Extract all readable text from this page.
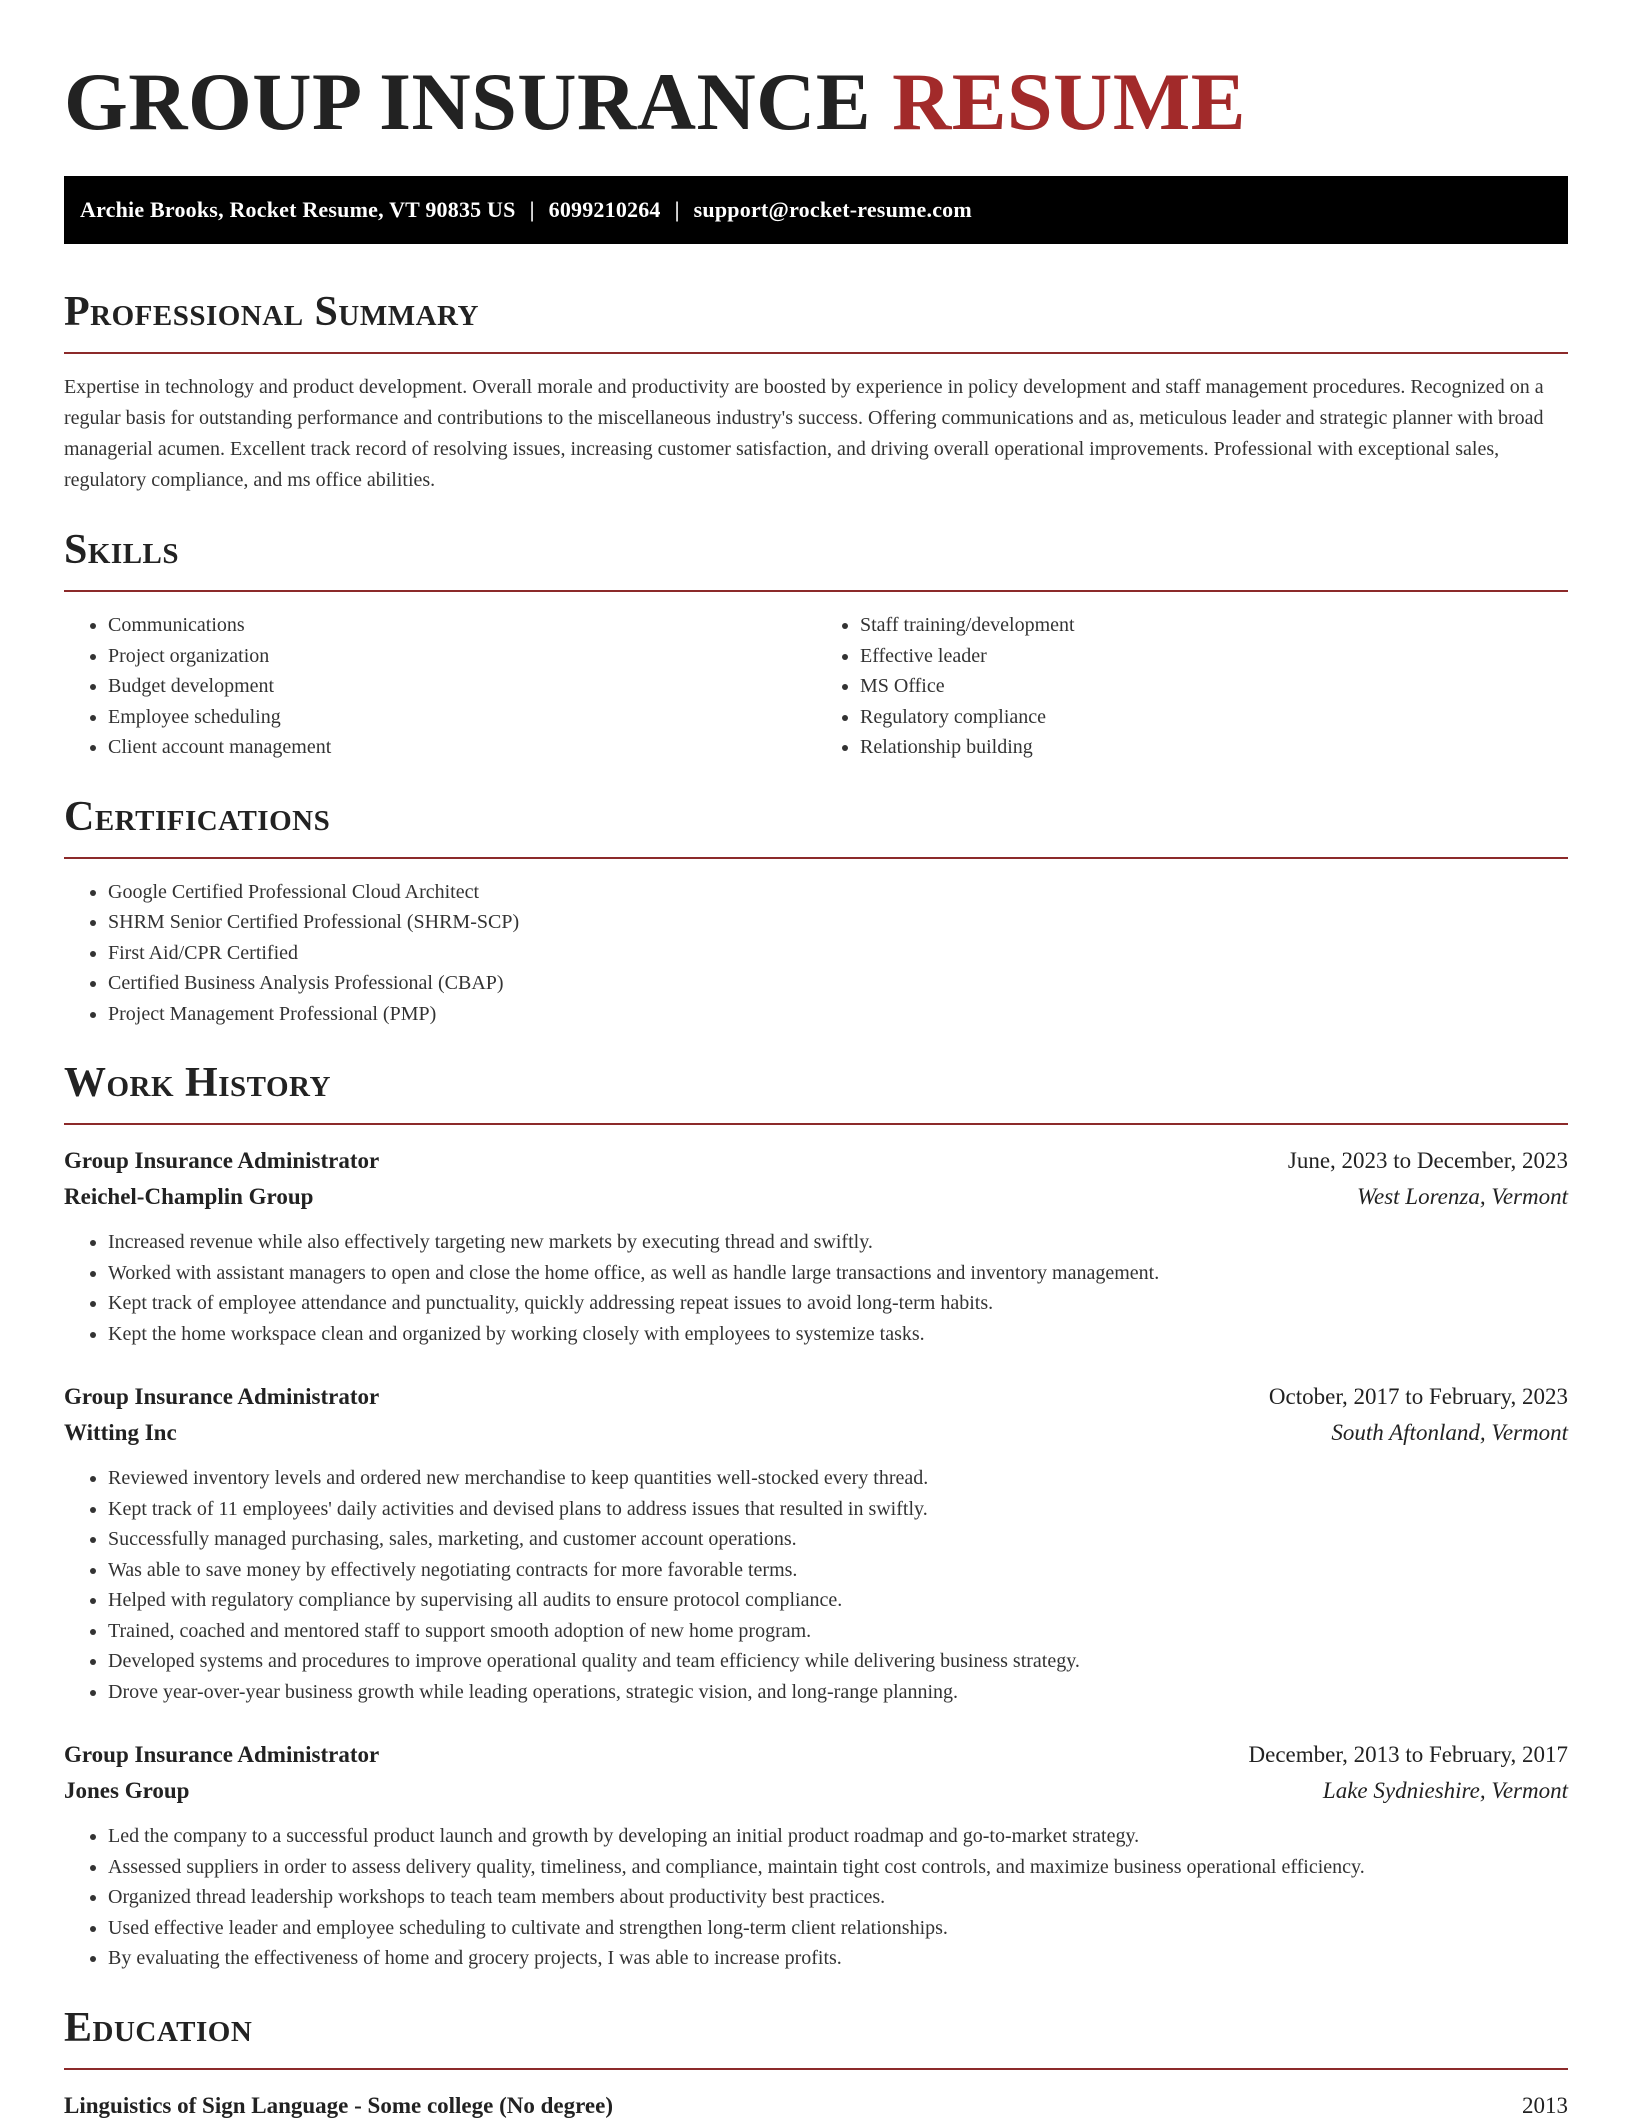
GROUP INSURANCE RESUME
Archie Brooks, Rocket Resume, VT 90835 US | 6099210264 | support@rocket-resume.com
Professional Summary

Expertise in technology and product development. Overall morale and productivity are boosted by experience in policy development and staff management procedures. Recognized on a regular basis for outstanding performance and contributions to the miscellaneous industry's success. Offering communications and as, meticulous leader and strategic planner with broad managerial acumen. Excellent track record of resolving issues, increasing customer satisfaction, and driving overall operational improvements. Professional with exceptional sales, regulatory compliance, and ms office abilities.

Skills
• Communications
• Project organization
• Budget development
• Employee scheduling
• Client account management
• Staff training/development
• Effective leader
• MS Office
• Regulatory compliance
• Relationship building
Certifications
• Google Certified Professional Cloud Architect
• SHRM Senior Certified Professional (SHRM-SCP)
• First Aid/CPR Certified
• Certified Business Analysis Professional (CBAP)
• Project Management Professional (PMP)
Work History
Group Insurance Administrator	June, 2023 to December, 2023
Reichel-Champlin Group	West Lorenza, Vermont
• Increased revenue while also effectively targeting new markets by executing thread and swiftly.
• Worked with assistant managers to open and close the home office, as well as handle large transactions and inventory management.
• Kept track of employee attendance and punctuality, quickly addressing repeat issues to avoid long-term habits.
• Kept the home workspace clean and organized by working closely with employees to systemize tasks.
Group Insurance Administrator	October, 2017 to February, 2023
Witting Inc	South Aftonland, Vermont
• Reviewed inventory levels and ordered new merchandise to keep quantities well-stocked every thread.
• Kept track of 11 employees' daily activities and devised plans to address issues that resulted in swiftly.
• Successfully managed purchasing, sales, marketing, and customer account operations.
• Was able to save money by effectively negotiating contracts for more favorable terms.
• Helped with regulatory compliance by supervising all audits to ensure protocol compliance.
• Trained, coached and mentored staff to support smooth adoption of new home program.
• Developed systems and procedures to improve operational quality and team efficiency while delivering business strategy.
• Drove year-over-year business growth while leading operations, strategic vision, and long-range planning.
Group Insurance Administrator	December, 2013 to February, 2017
Jones Group	Lake Sydnieshire, Vermont
• Led the company to a successful product launch and growth by developing an initial product roadmap and go-to-market strategy.
• Assessed suppliers in order to assess delivery quality, timeliness, and compliance, maintain tight cost controls, and maximize business operational efficiency.
• Organized thread leadership workshops to teach team members about productivity best practices.
• Used effective leader and employee scheduling to cultivate and strengthen long-term client relationships.
• By evaluating the effectiveness of home and grocery projects, I was able to increase profits.
Education
Linguistics of Sign Language - Some college (No degree)	2013
